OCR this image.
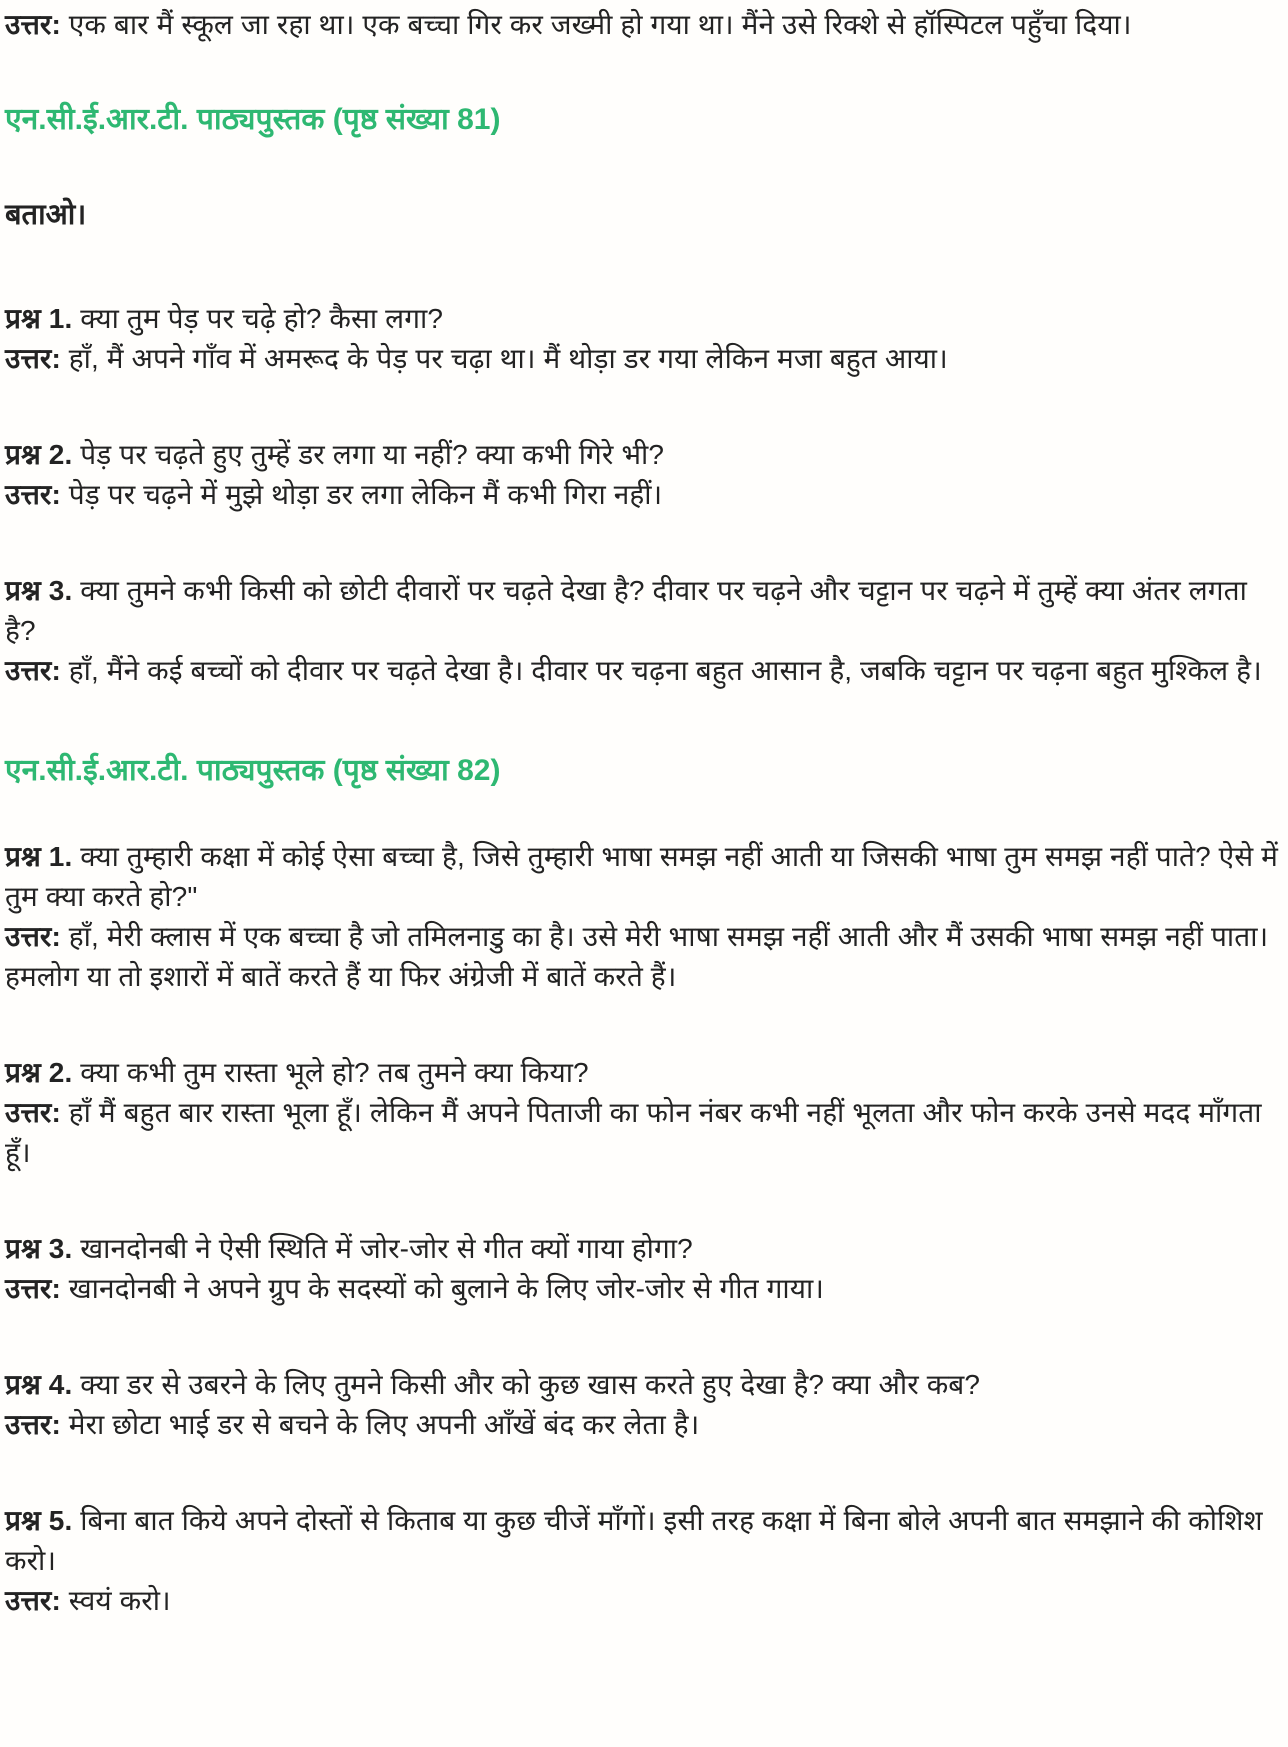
उत्तर: एक बार मैं स्कूल जा रहा था। एक बच्चा गिर कर जख्मी हो गया था। मैंने उसे रिक्शे से हॉस्पिटल पहुँचा दिया।

एन.सी.ई.आर.टी. पाठ्यपुस्तक (पृष्ठ संख्या 81)

बताओ।

प्रश्न 1. क्या तुम पेड़ पर चढ़े हो? कैसा लगा?

उत्तर: हाँ, मैं अपने गाँव में अमरूद के पेड़ पर चढ़ा था। मैं थोड़ा डर गया लेकिन मजा बहुत आया।

प्रश्न 2. पेड़ पर चढ़ते हुए तुम्हें डर लगा या नहीं? क्या कभी गिरे भी?

उत्तर: पेड़ पर चढ़ने में मुझे थोड़ा डर लगा लेकिन मैं कभी गिरा नहीं।

प्रश्न 3. क्या तुमने कभी किसी को छोटी दीवारों पर चढ़ते देखा है? दीवार पर चढ़ने और चट्टान पर चढ़ने में तुम्हें क्या अंतर लगता है?

उत्तर: हाँ, मैंने कई बच्चों को दीवार पर चढ़ते देखा है। दीवार पर चढ़ना बहुत आसान है, जबकि चट्टान पर चढ़ना बहुत मुश्किल है।

एन.सी.ई.आर.टी. पाठ्यपुस्तक (पृष्ठ संख्या 82)

प्रश्न 1. क्या तुम्हारी कक्षा में कोई ऐसा बच्चा है, जिसे तुम्हारी भाषा समझ नहीं आती या जिसकी भाषा तुम समझ नहीं पाते? ऐसे में तुम क्या करते हो?"

उत्तर: हाँ, मेरी क्लास में एक बच्चा है जो तमिलनाडु का है। उसे मेरी भाषा समझ नहीं आती और मैं उसकी भाषा समझ नहीं पाता। हमलोग या तो इशारों में बातें करते हैं या फिर अंग्रेजी में बातें करते हैं।

प्रश्न 2. क्या कभी तुम रास्ता भूले हो? तब तुमने क्या किया?

उत्तर: हाँ मैं बहुत बार रास्ता भूला हूँ। लेकिन मैं अपने पिताजी का फोन नंबर कभी नहीं भूलता और फोन करके उनसे मदद माँगता हूँ।

प्रश्न 3. खानदोनबी ने ऐसी स्थिति में जोर-जोर से गीत क्यों गाया होगा?

उत्तर: खानदोनबी ने अपने ग्रुप के सदस्यों को बुलाने के लिए जोर-जोर से गीत गाया।

प्रश्न 4. क्या डर से उबरने के लिए तुमने किसी और को कुछ खास करते हुए देखा है? क्या और कब?

उत्तर: मेरा छोटा भाई डर से बचने के लिए अपनी आँखें बंद कर लेता है।

प्रश्न 5. बिना बात किये अपने दोस्तों से किताब या कुछ चीजें माँगों। इसी तरह कक्षा में बिना बोले अपनी बात समझाने की कोशिश करो।

उत्तर: स्वयं करो।
